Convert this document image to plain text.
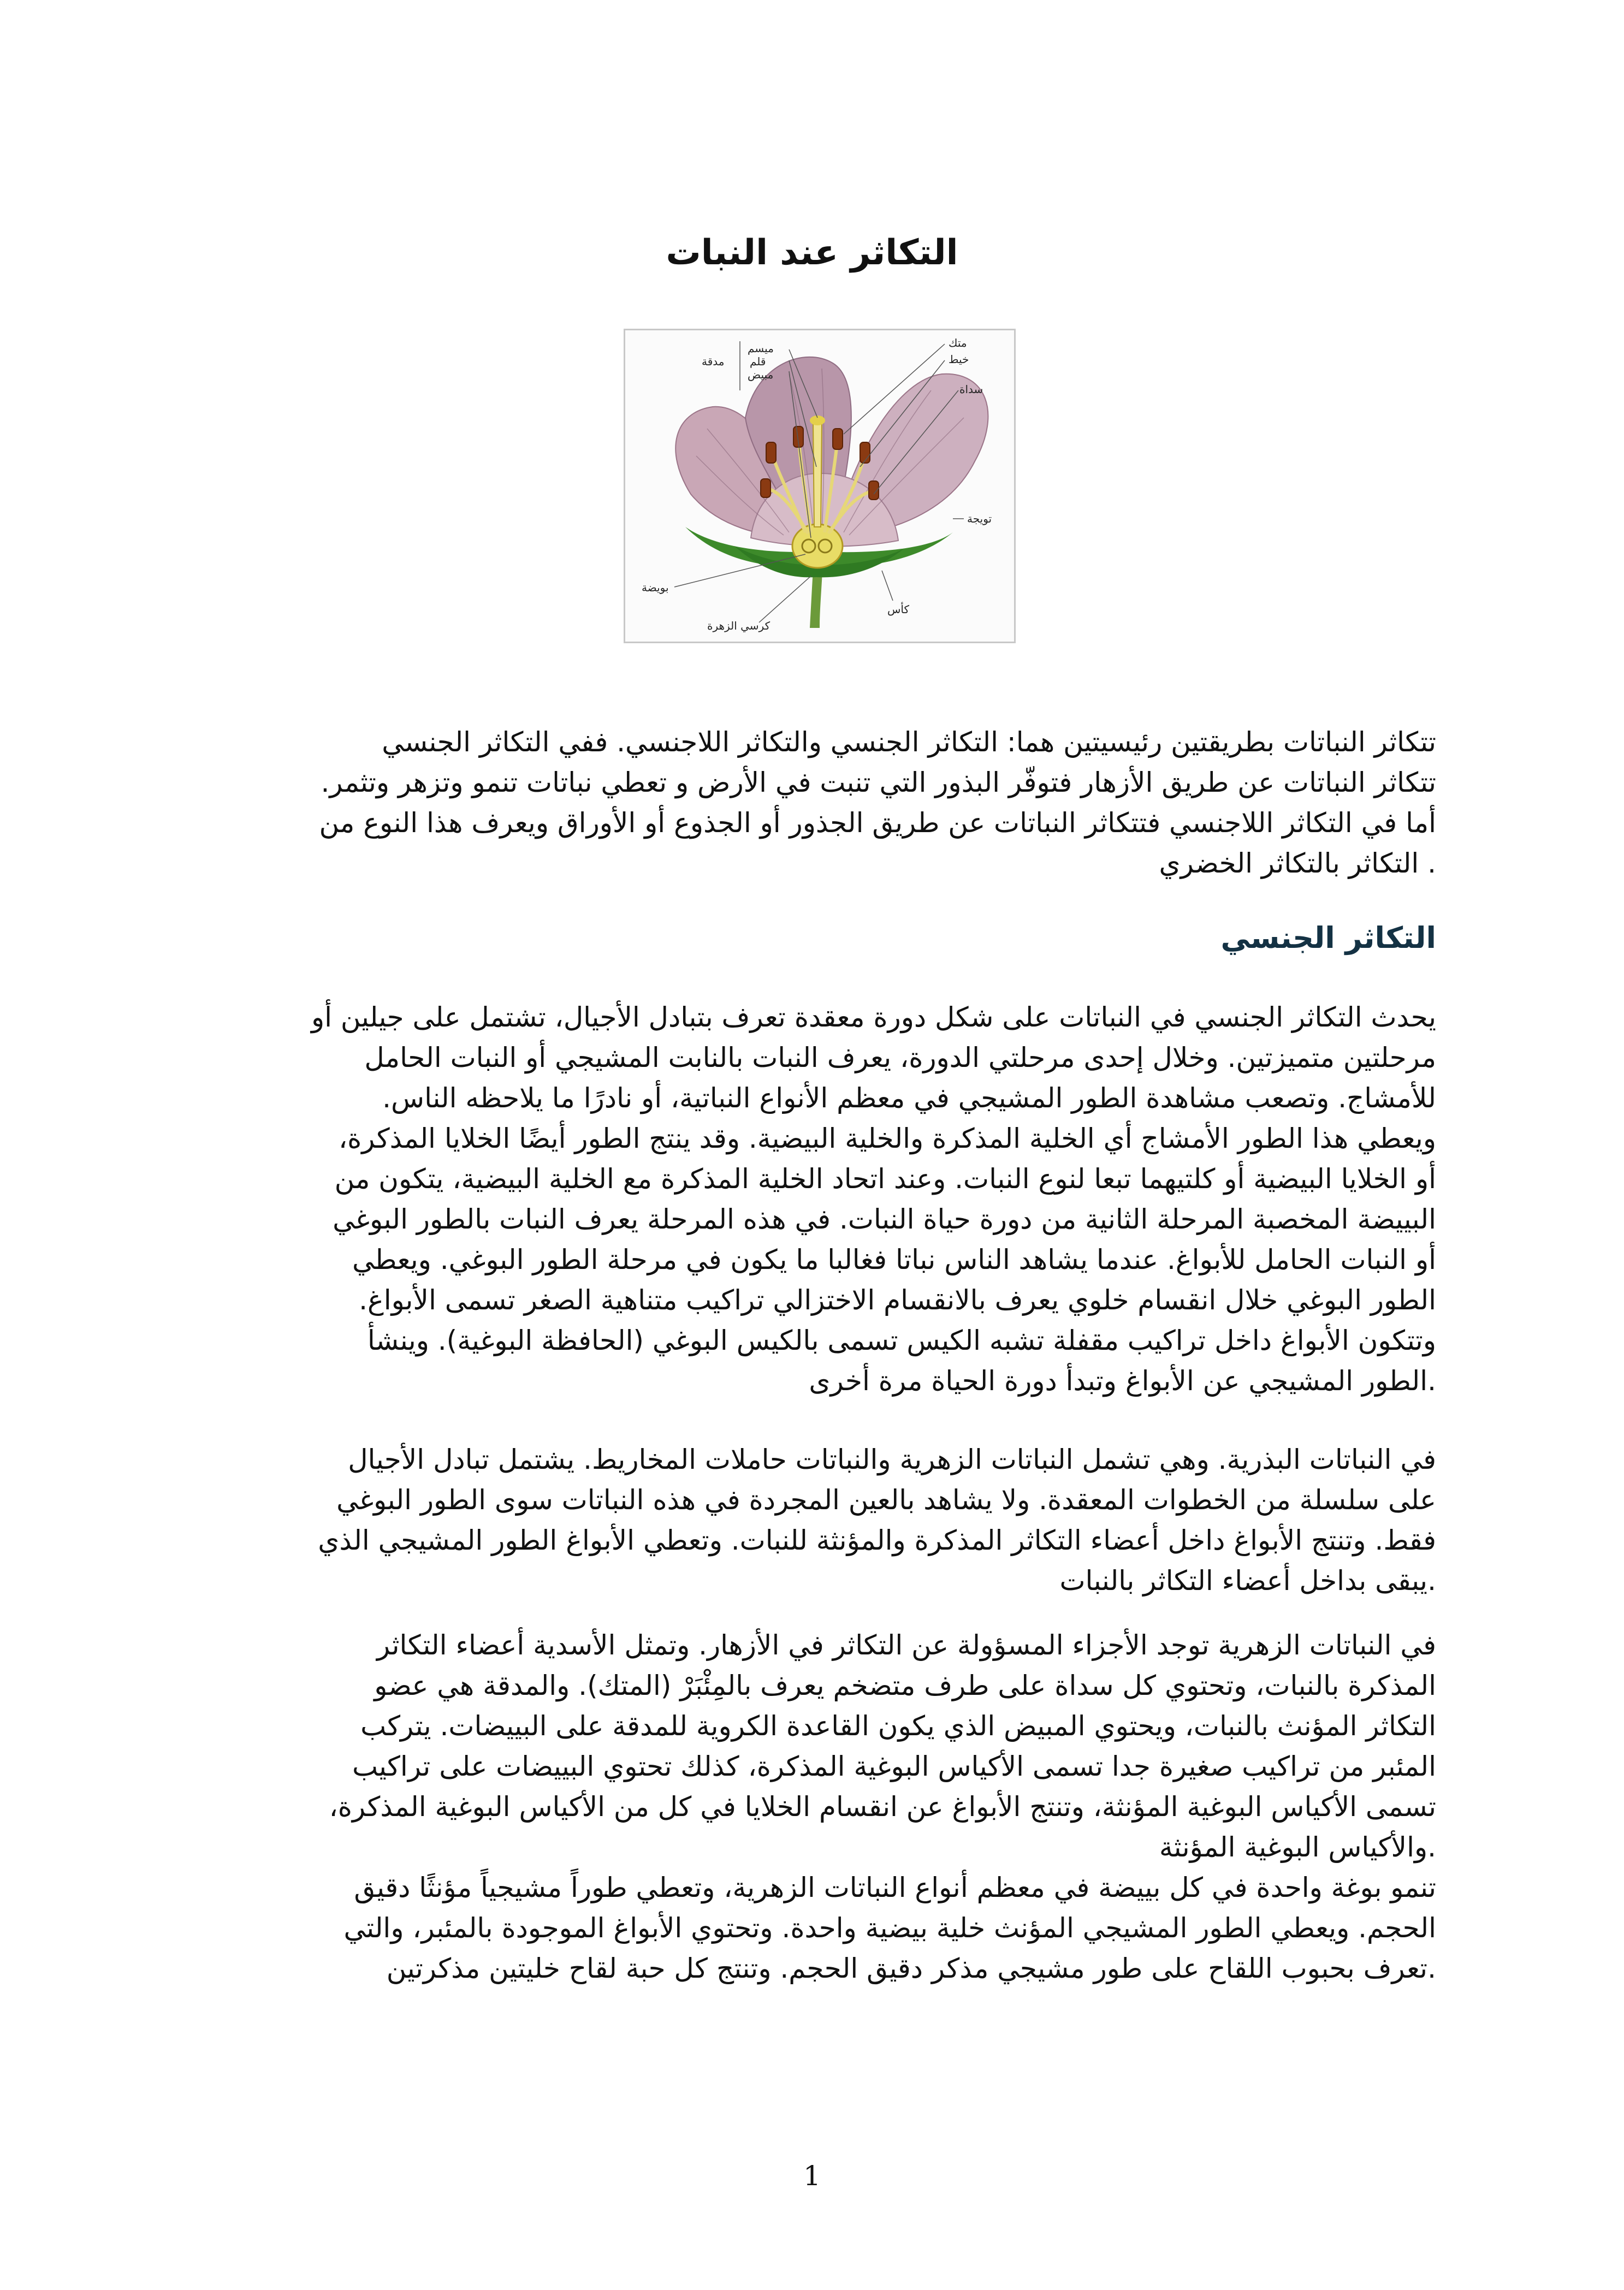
التكاثر عند النبات
ميسم
قلم
مبيض
مدقة
متك
خيط
سداة
تويجة
بويضة
كأس
كرسي الزهرة
تتكاثر النباتات بطريقتين رئيسيتين هما: التكاثر الجنسي والتكاثر اللاجنسي. ففي التكاثر الجنسي
تتكاثر النباتات عن طريق الأزهار فتوفّر البذور التي تنبت في الأرض و تعطي نباتات تنمو وتزهر وتثمر.
أما في التكاثر اللاجنسي فتتكاثر النباتات عن طريق الجذور أو الجذوع أو الأوراق ويعرف هذا النوع من
. التكاثر بالتكاثر الخضري
التكاثر الجنسي
يحدث التكاثر الجنسي في النباتات على شكل دورة معقدة تعرف بتبادل الأجيال، تشتمل على جيلين أو
مرحلتين متميزتين. وخلال إحدى مرحلتي الدورة، يعرف النبات بالنابت المشيجي أو النبات الحامل
للأمشاج. وتصعب مشاهدة الطور المشيجي في معظم الأنواع النباتية، أو نادرًا ما يلاحظه الناس.
ويعطي هذا الطور الأمشاج أي الخلية المذكرة والخلية البيضية. وقد ينتج الطور أيضًا الخلايا المذكرة،
أو الخلايا البيضية أو كلتيهما تبعا لنوع النبات. وعند اتحاد الخلية المذكرة مع الخلية البيضية، يتكون من
البييضة المخصبة المرحلة الثانية من دورة حياة النبات. في هذه المرحلة يعرف النبات بالطور البوغي
أو النبات الحامل للأبواغ. عندما يشاهد الناس نباتا فغالبا ما يكون في مرحلة الطور البوغي. ويعطي
الطور البوغي خلال انقسام خلوي يعرف بالانقسام الاختزالي تراكيب متناهية الصغر تسمى الأبواغ.
وتتكون الأبواغ داخل تراكيب مقفلة تشبه الكيس تسمى بالكيس البوغي (الحافظة البوغية). وينشأ
.الطور المشيجي عن الأبواغ وتبدأ دورة الحياة مرة أخرى
في النباتات البذرية. وهي تشمل النباتات الزهرية والنباتات حاملات المخاريط. يشتمل تبادل الأجيال
على سلسلة من الخطوات المعقدة. ولا يشاهد بالعين المجردة في هذه النباتات سوى الطور البوغي
فقط. وتنتج الأبواغ داخل أعضاء التكاثر المذكرة والمؤنثة للنبات. وتعطي الأبواغ الطور المشيجي الذي
.يبقى بداخل أعضاء التكاثر بالنبات
في النباتات الزهرية توجد الأجزاء المسؤولة عن التكاثر في الأزهار. وتمثل الأسدية أعضاء التكاثر
المذكرة بالنبات، وتحتوي كل سداة على طرف متضخم يعرف بالمِئْبَرْ (المتك). والمدقة هي عضو
التكاثر المؤنث بالنبات، ويحتوي المبيض الذي يكون القاعدة الكروية للمدقة على البييضات. يتركب
المئبر من تراكيب صغيرة جدا تسمى الأكياس البوغية المذكرة، كذلك تحتوي البييضات على تراكيب
تسمى الأكياس البوغية المؤنثة، وتنتج الأبواغ عن انقسام الخلايا في كل من الأكياس البوغية المذكرة،
.والأكياس البوغية المؤنثة
تنمو بوغة واحدة في كل بييضة في معظم أنواع النباتات الزهرية، وتعطي طوراً مشيجياً مؤنثًا دقيق
الحجم. ويعطي الطور المشيجي المؤنث خلية بيضية واحدة. وتحتوي الأبواغ الموجودة بالمئبر، والتي
.تعرف بحبوب اللقاح على طور مشيجي مذكر دقيق الحجم. وتنتج كل حبة لقاح خليتين مذكرتين
1
